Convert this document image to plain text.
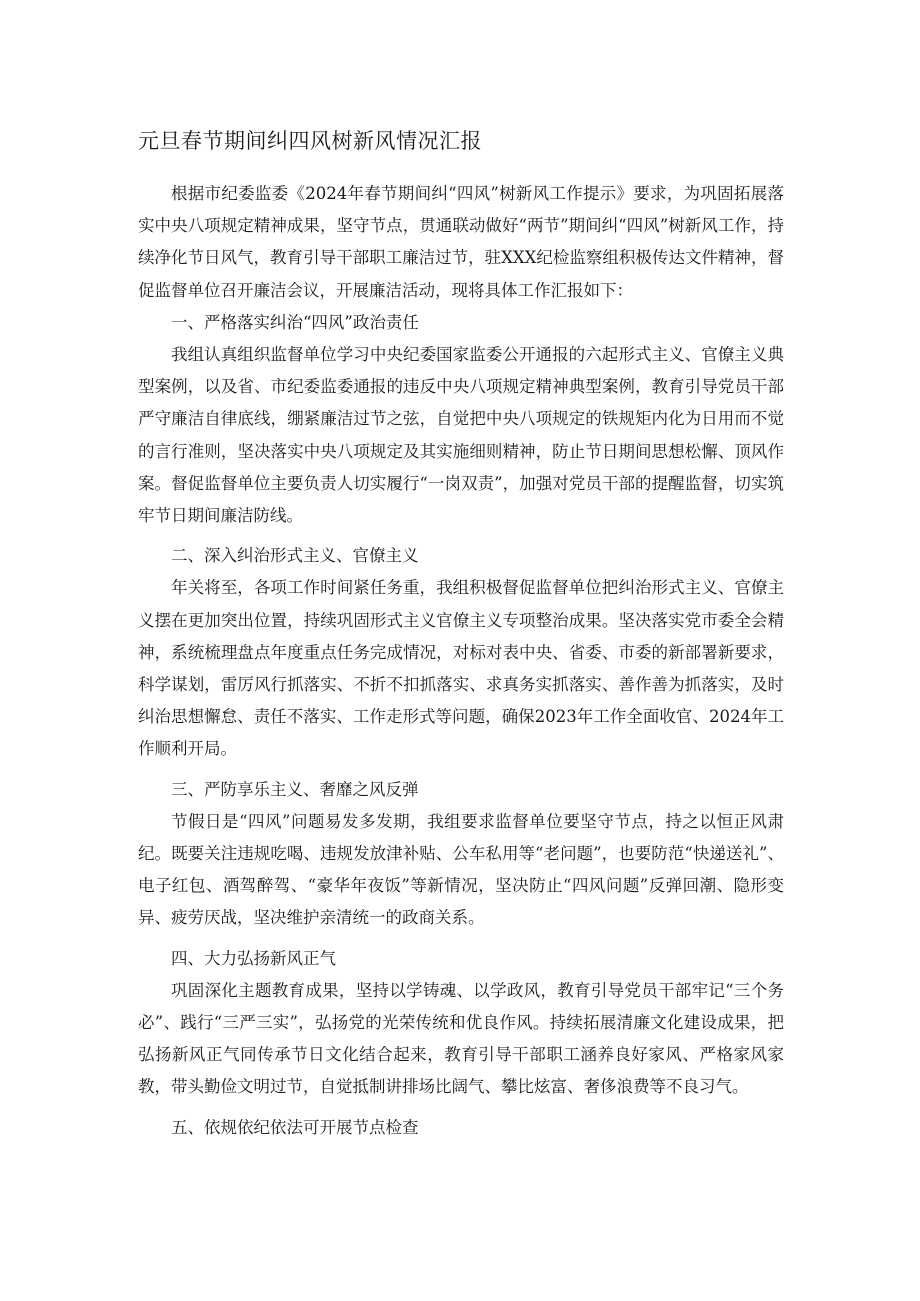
元旦春节期间纠四风树新风情况汇报

根据市纪委监委《2024年春节期间纠“四风”树新风工作提示》要求，为巩固拓展落实中央八项规定精神成果，坚守节点，贯通联动做好“两节”期间纠“四风”树新风工作，持续净化节日风气，教育引导干部职工廉洁过节，驻XXX纪检监察组积极传达文件精神，督促监督单位召开廉洁会议，开展廉洁活动，现将具体工作汇报如下：

一、严格落实纠治“四风”政治责任

我组认真组织监督单位学习中央纪委国家监委公开通报的六起形式主义、官僚主义典型案例，以及省、市纪委监委通报的违反中央八项规定精神典型案例，教育引导党员干部严守廉洁自律底线，绷紧廉洁过节之弦，自觉把中央八项规定的铁规矩内化为日用而不觉的言行准则，坚决落实中央八项规定及其实施细则精神，防止节日期间思想松懈、顶风作案。督促监督单位主要负责人切实履行“一岗双责”，加强对党员干部的提醒监督，切实筑牢节日期间廉洁防线。

二、深入纠治形式主义、官僚主义

年关将至，各项工作时间紧任务重，我组积极督促监督单位把纠治形式主义、官僚主义摆在更加突出位置，持续巩固形式主义官僚主义专项整治成果。坚决落实党市委全会精神，系统梳理盘点年度重点任务完成情况，对标对表中央、省委、市委的新部署新要求，科学谋划，雷厉风行抓落实、不折不扣抓落实、求真务实抓落实、善作善为抓落实，及时纠治思想懈怠、责任不落实、工作走形式等问题，确保2023年工作全面收官、2024年工作顺利开局。

三、严防享乐主义、奢靡之风反弹

节假日是“四风”问题易发多发期，我组要求监督单位要坚守节点，持之以恒正风肃纪。既要关注违规吃喝、违规发放津补贴、公车私用等“老问题”，也要防范“快递送礼”、电子红包、酒驾醉驾、“豪华年夜饭”等新情况，坚决防止“四风问题”反弹回潮、隐形变异、疲劳厌战，坚决维护亲清统一的政商关系。

四、大力弘扬新风正气

巩固深化主题教育成果，坚持以学铸魂、以学政风，教育引导党员干部牢记“三个务必”、践行“三严三实”，弘扬党的光荣传统和优良作风。持续拓展清廉文化建设成果，把弘扬新风正气同传承节日文化结合起来，教育引导干部职工涵养良好家风、严格家风家教，带头勤俭文明过节，自觉抵制讲排场比阔气、攀比炫富、奢侈浪费等不良习气。

五、依规依纪依法可开展节点检查
